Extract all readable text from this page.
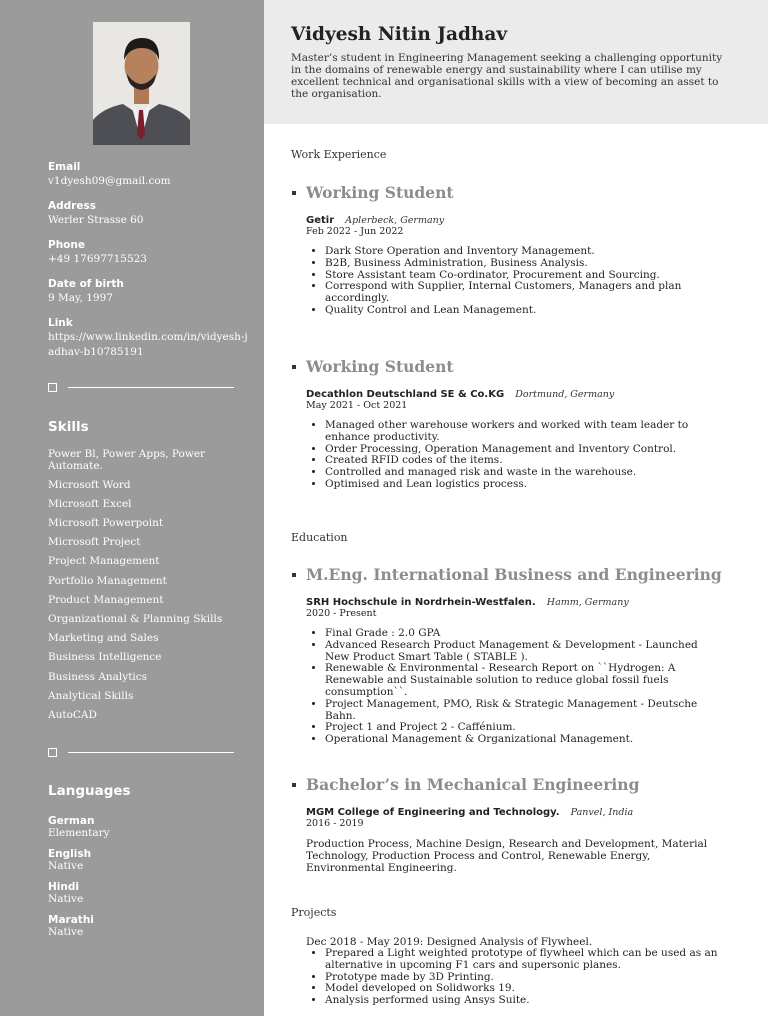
Email
v1dyesh09@gmail.com
Address
Werler Strasse 60
Phone
+49 17697715523
Date of birth
9 May, 1997
Link
https://www.linkedin.com/in/vidyesh-jadhav-b10785191
Skills
Power Bl, Power Apps, Power Automate.
Microsoft Word
Microsoft Excel
Microsoft Powerpoint
Microsoft Project
Project Management
Portfolio Management
Product Management
Organizational & Planning Skills
Marketing and Sales
Business Intelligence
Business Analytics
Analytical Skills
AutoCAD
Languages
German
Elementary
English
Native
Hindi
Native
Marathi
Native
Vidyesh Nitin Jadhav
Master’s student in Engineering Management seeking a challenging opportunity in the domains of renewable energy and sustainability where I can utilise my excellent technical and organisational skills with a view of becoming an asset to the organisation.
Work Experience
Working Student
Getir Aplerbeck, Germany
Feb 2022 - Jun 2022
• Dark Store Operation and Inventory Management.
• B2B, Business Administration, Business Analysis.
• Store Assistant team Co-ordinator, Procurement and Sourcing.
• Correspond with Supplier, Internal Customers, Managers and plan accordingly.
• Quality Control and Lean Management.
Working Student
Decathlon Deutschland SE & Co.KG Dortmund, Germany
May 2021 - Oct 2021
• Managed other warehouse workers and worked with team leader to enhance productivity.
• Order Processing, Operation Management and Inventory Control.
• Created RFID codes of the items.
• Controlled and managed risk and waste in the warehouse.
• Optimised and Lean logistics process.
Education
M.Eng. International Business and Engineering
SRH Hochschule in Nordrhein-Westfalen. Hamm, Germany
2020 - Present
• Final Grade : 2.0 GPA
• Advanced Research Product Management & Development - Launched New Product Smart Table ( STABLE ).
• Renewable & Environmental - Research Report on ``Hydrogen: A Renewable and Sustainable solution to reduce global fossil fuels consumption``.
• Project Management, PMO, Risk & Strategic Management - Deutsche Bahn.
• Project 1 and Project 2 - Caffénium.
• Operational Management & Organizational Management.
Bachelor’s in Mechanical Engineering
MGM College of Engineering and Technology. Panvel, India
2016 - 2019
Production Process, Machine Design, Research and Development, Material Technology, Production Process and Control, Renewable Energy, Environmental Engineering.
Projects
Dec 2018 - May 2019: Designed Analysis of Flywheel.
• Prepared a Light weighted prototype of flywheel which can be used as an alternative in upcoming F1 cars and supersonic planes.
• Prototype made by 3D Printing.
• Model developed on Solidworks 19.
• Analysis performed using Ansys Suite.
